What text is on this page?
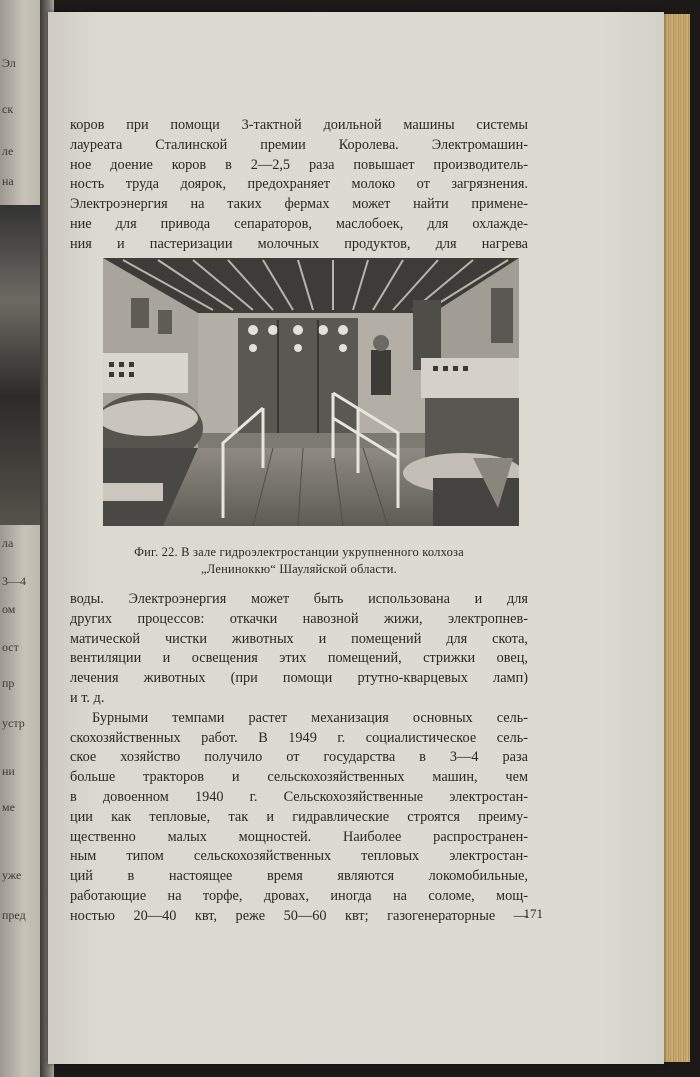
Эл
ск
ле
на
ла
3—4
ом
ост
пр
устр
ни
ме
уже
пред
коров при помощи 3-тактной доильной машины системы
лауреата Сталинской премии Королева. Электромашин-
ное доение коров в 2—2,5 раза повышает производитель-
ность труда доярок, предохраняет молоко от загрязнения.
Электроэнергия на таких фермах может найти примене-
ние для привода сепараторов, маслобоек, для охлажде-
ния и пастеризации молочных продуктов, для нагрева
Фиг. 22. В зале гидроэлектростанции укрупненного колхоза
„Лениноккю“ Шауляйской области.
воды. Электроэнергия может быть использована и для
других процессов: откачки навозной жижи, электропнев-
матической чистки животных и помещений для скота,
вентиляции и освещения этих помещений, стрижки овец,
лечения животных (при помощи ртутно-кварцевых ламп)
и т. д.
Бурными темпами растет механизация основных сель-
скохозяйственных работ. В 1949 г. социалистическое сель-
ское хозяйство получило от государства в 3—4 раза
больше тракторов и сельскохозяйственных машин, чем
в довоенном 1940 г. Сельскохозяйственные электростан-
ции как тепловые, так и гидравлические строятся преиму-
щественно малых мощностей. Наиболее распространен-
ным типом сельскохозяйственных тепловых электростан-
ций в настоящее время являются локомобильные,
работающие на торфе, дровах, иногда на соломе, мощ-
ностью 20—40 квт, реже 50—60 квт; газогенераторные —
171
